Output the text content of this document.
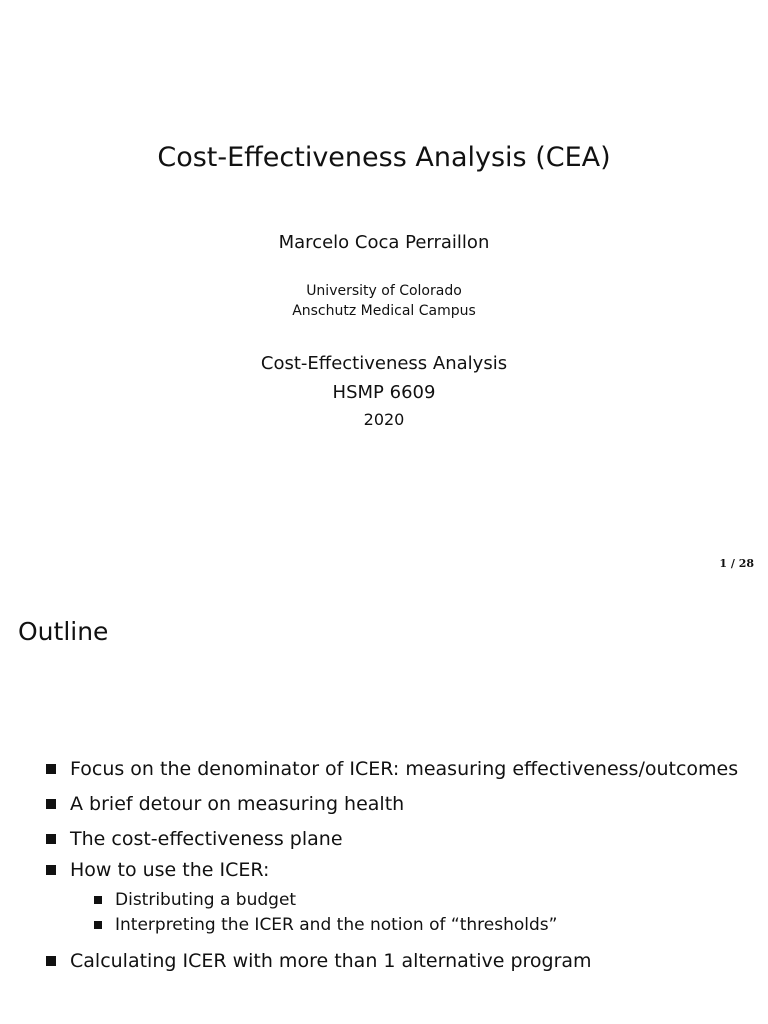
Cost-Effectiveness Analysis (CEA)
Marcelo Coca Perraillon
University of Colorado
Anschutz Medical Campus
Cost-Effectiveness Analysis
HSMP 6609
2020
1 / 28
Outline
Focus on the denominator of ICER: measuring effectiveness/outcomes
A brief detour on measuring health
The cost-effectiveness plane
How to use the ICER:
Distributing a budget
Interpreting the ICER and the notion of “thresholds”
Calculating ICER with more than 1 alternative program
